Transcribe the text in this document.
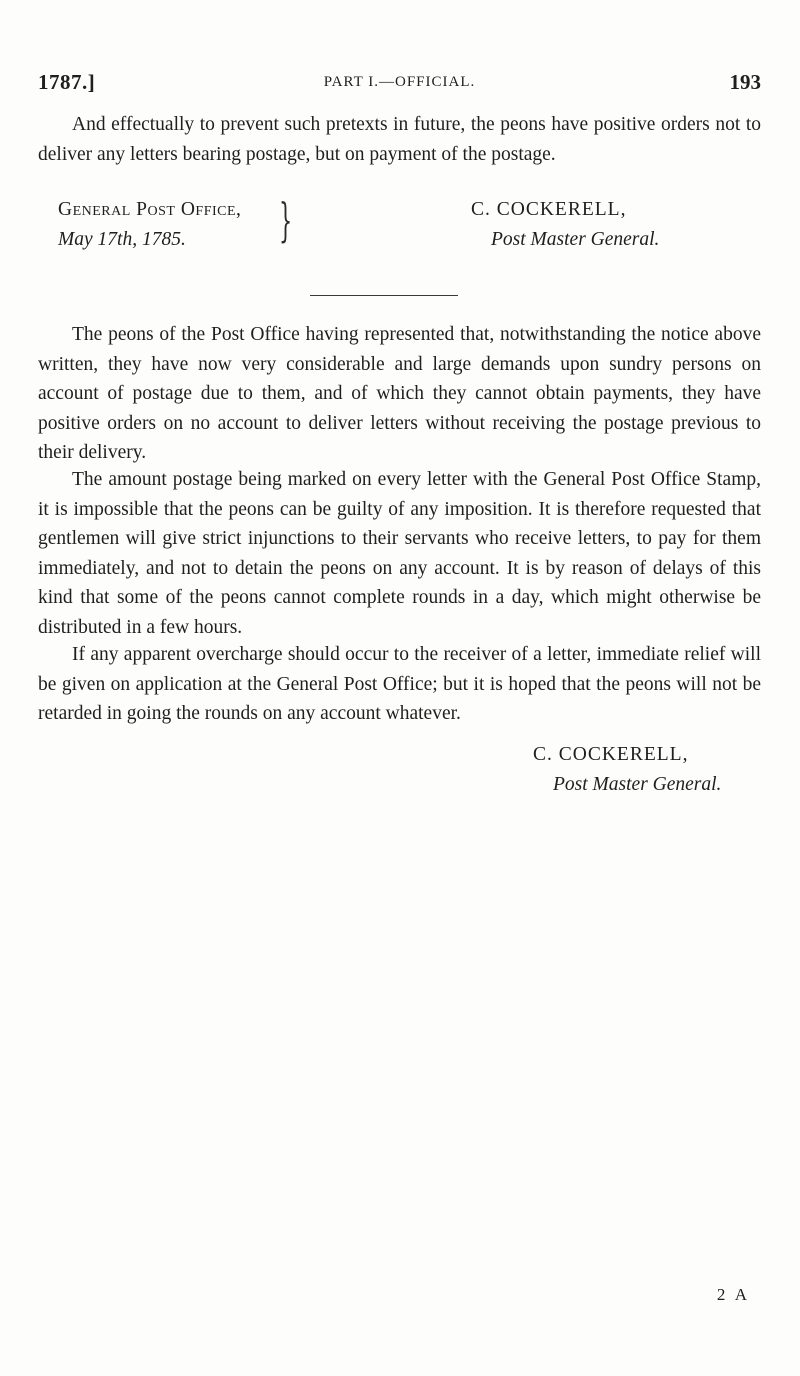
1787.]	PART I.—OFFICIAL.	193

And effectually to prevent such pretexts in future, the peons have positive orders not to deliver any letters bearing postage, but on payment of the postage.

General Post Office,
May 17th, 1785.	}	C. COCKERELL,
Post Master General.

The peons of the Post Office having represented that, notwithstanding the notice above written, they have now very considerable and large demands upon sundry persons on account of postage due to them, and of which they cannot obtain payments, they have positive orders on no account to deliver letters without receiving the postage previous to their delivery.

The amount postage being marked on every letter with the General Post Office Stamp, it is impossible that the peons can be guilty of any imposition. It is therefore requested that gentlemen will give strict injunctions to their servants who receive letters, to pay for them immediately, and not to detain the peons on any account. It is by reason of delays of this kind that some of the peons cannot complete rounds in a day, which might otherwise be distributed in a few hours.

If any apparent overcharge should occur to the receiver of a letter, immediate relief will be given on application at the General Post Office; but it is hoped that the peons will not be retarded in going the rounds on any account whatever.

C. COCKERELL,
Post Master General.
2 A
